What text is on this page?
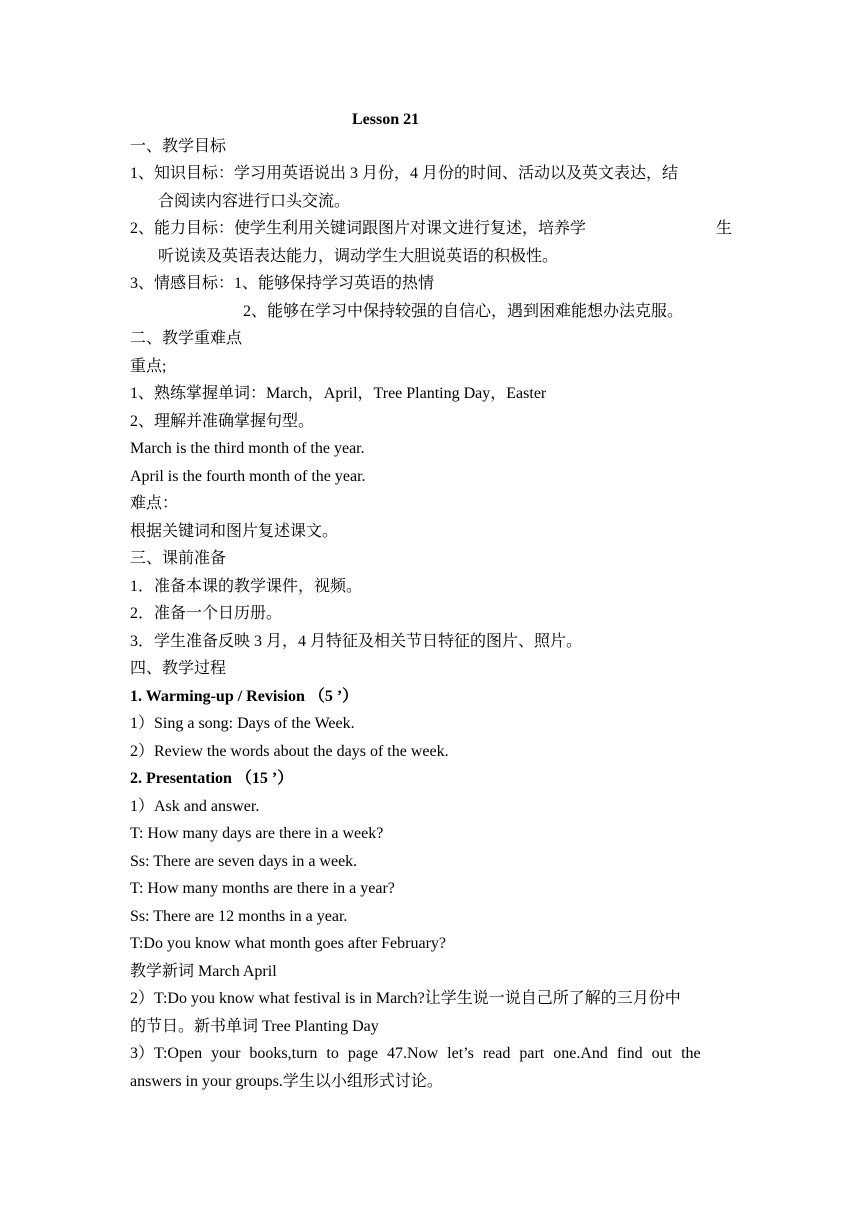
Lesson 21
一、教学目标
1、知识目标：学习用英语说出 3 月份，4 月份的时间、活动以及英文表达，结
合阅读内容进行口头交流。
2、能力目标：使学生利用关键词跟图片对课文进行复述，培养学	生
听说读及英语表达能力，调动学生大胆说英语的积极性。
3、情感目标：1、能够保持学习英语的热情
2、能够在学习中保持较强的自信心，遇到困难能想办法克服。
二、教学重难点
重点;
1、熟练掌握单词：March，April，Tree Planting Day，Easter
2、理解并准确掌握句型。
March is the third month of the year.
April is the fourth month of the year.
难点：
根据关键词和图片复述课文。
三、课前准备
1．准备本课的教学课件，视频。
2．准备一个日历册。
3．学生准备反映 3 月，4 月特征及相关节日特征的图片、照片。
四、教学过程
1. Warming-up / Revision （5 ’）
1）Sing a song: Days of the Week.
2）Review the words about the days of the week.
2. Presentation （15 ’）
1）Ask and answer.
T: How many days are there in a week?
Ss: There are seven days in a week.
T: How many months are there in a year?
Ss: There are 12 months in a year.
T:Do you know what month goes after February?
教学新词 March April
2）T:Do you know what festival is in March?让学生说一说自己所了解的三月份中
的节日。新书单词 Tree Planting Day
3）T:Open your books,turn to page 47.Now let’s read part one.And find out the
answers in your groups.学生以小组形式讨论。
